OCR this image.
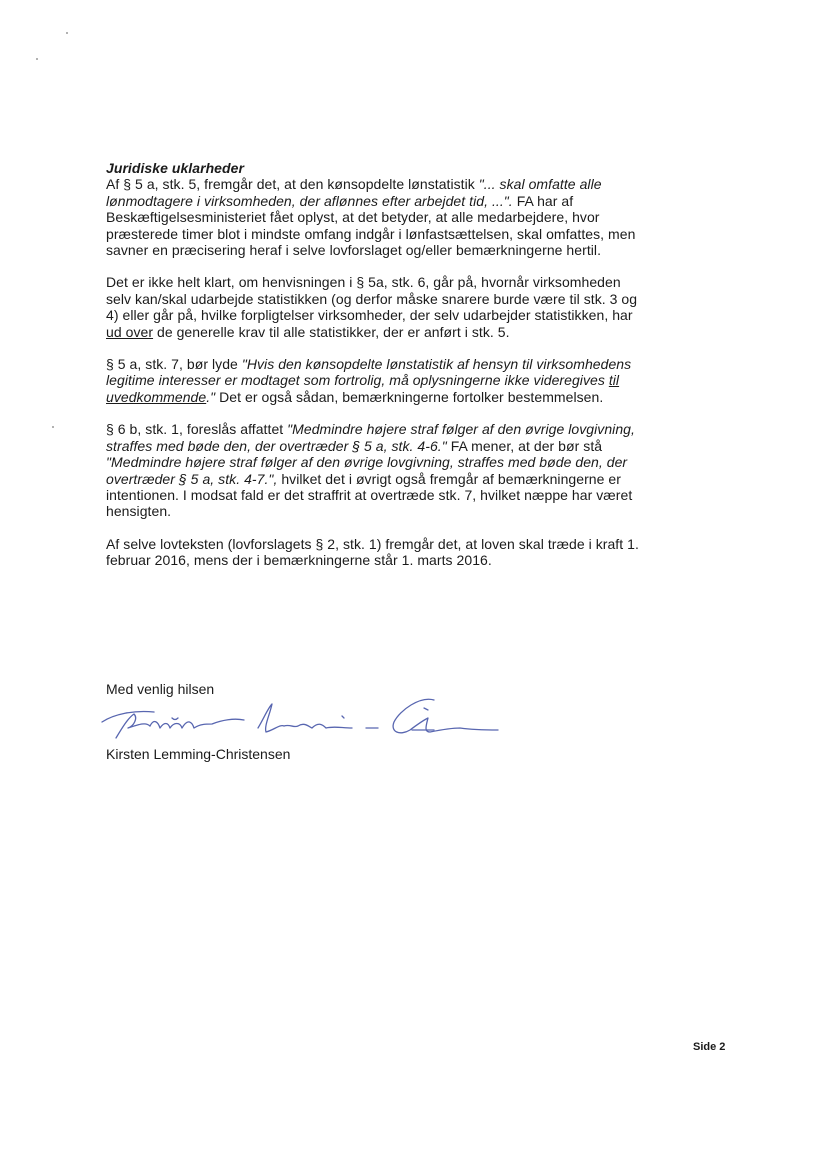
Juridiske uklarheder

Af § 5 a, stk. 5, fremgår det, at den kønsopdelte lønstatistik "... skal omfatte alle lønmodtagere i virksomheden, der aflønnes efter arbejdet tid, ...". FA har af Beskæftigelsesministeriet fået oplyst, at det betyder, at alle medarbejdere, hvor præsterede timer blot i mindste omfang indgår i lønfastsættelsen, skal omfattes, men savner en præcisering heraf i selve lovforslaget og/eller bemærkningerne hertil.

Det er ikke helt klart, om henvisningen i § 5a, stk. 6, går på, hvornår virksomheden selv kan/skal udarbejde statistikken (og derfor måske snarere burde være til stk. 3 og 4) eller går på, hvilke forpligtelser virksomheder, der selv udarbejder statistikken, har ud over de generelle krav til alle statistikker, der er anført i stk. 5.

§ 5 a, stk. 7, bør lyde "Hvis den kønsopdelte lønstatistik af hensyn til virksomhedens legitime interesser er modtaget som fortrolig, må oplysningerne ikke videregives til uvedkommende." Det er også sådan, bemærkningerne fortolker bestemmelsen.

§ 6 b, stk. 1, foreslås affattet "Medmindre højere straf følger af den øvrige lovgivning, straffes med bøde den, der overtræder § 5 a, stk. 4-6." FA mener, at der bør stå "Medmindre højere straf følger af den øvrige lovgivning, straffes med bøde den, der overtræder § 5 a, stk. 4-7.", hvilket det i øvrigt også fremgår af bemærkningerne er intentionen. I modsat fald er det straffrit at overtræde stk. 7, hvilket næppe har været hensigten.

Af selve lovteksten (lovforslagets § 2, stk. 1) fremgår det, at loven skal træde i kraft 1. februar 2016, mens der i bemærkningerne står 1. marts 2016.

Med venlig hilsen
Kirsten Lemming-Christensen
Side 2
